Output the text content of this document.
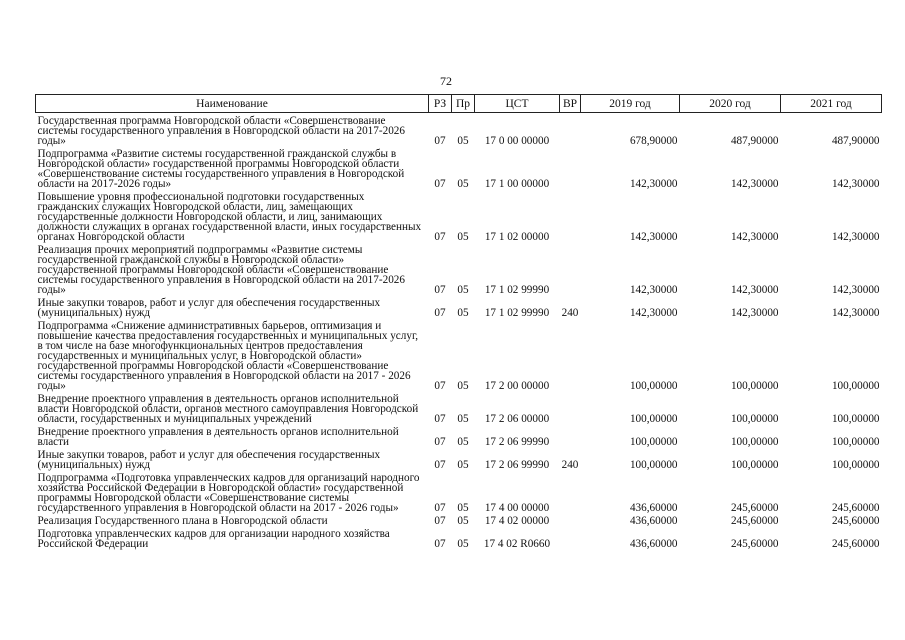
72
Наименование	РЗ	Пр	ЦСТ	ВР	2019 год	2020 год	2021 год
Государственная программа Новгородской области «Совершенствование системы государственного управления в Новгородской области на 2017-2026 годы»	07	05	17 0 00 00000		678,90000	487,90000	487,90000
Подпрограмма «Развитие системы государственной гражданской службы в Новгородской области» государственной программы Новгородской области «Совершенствование системы государственного управления в Новгородской области на 2017-2026 годы»	07	05	17 1 00 00000		142,30000	142,30000	142,30000
Повышение уровня профессиональной подготовки государственных гражданских служащих Новгородской области, лиц, замещающих государственные должности Новгородской области, и лиц, занимающих должности служащих в органах государственной власти, иных государственных органах Новгородской области	07	05	17 1 02 00000		142,30000	142,30000	142,30000
Реализация прочих мероприятий подпрограммы «Развитие системы государственной гражданской службы в Новгородской области» государственной программы Новгородской области «Совершенствование системы государственного управления в Новгородской области на 2017-2026 годы»	07	05	17 1 02 99990		142,30000	142,30000	142,30000
Иные закупки товаров, работ и услуг для обеспечения государственных (муниципальных) нужд	07	05	17 1 02 99990	240	142,30000	142,30000	142,30000
Подпрограмма «Снижение административных барьеров, оптимизация и повышение качества предоставления государственных и муниципальных услуг, в том числе на базе многофункциональных центров предоставления государственных и муниципальных услуг, в Новгородской области» государственной программы Новгородской области «Совершенствование системы государственного управления в Новгородской области на 2017 - 2026 годы»	07	05	17 2 00 00000		100,00000	100,00000	100,00000
Внедрение проектного управления в деятельность органов исполнительной власти Новгородской области, органов местного самоуправления Новгородской области, государственных и муниципальных учреждений	07	05	17 2 06 00000		100,00000	100,00000	100,00000
Внедрение проектного управления в деятельность органов исполнительной власти	07	05	17 2 06 99990		100,00000	100,00000	100,00000
Иные закупки товаров, работ и услуг для обеспечения государственных (муниципальных) нужд	07	05	17 2 06 99990	240	100,00000	100,00000	100,00000
Подпрограмма «Подготовка управленческих кадров для организаций народного хозяйства Российской Федерации в Новгородской области» государственной программы Новгородской области «Совершенствование системы государственного управления в Новгородской области на 2017 - 2026 годы»	07	05	17 4 00 00000		436,60000	245,60000	245,60000
Реализация Государственного плана в Новгородской области	07	05	17 4 02 00000		436,60000	245,60000	245,60000
Подготовка управленческих кадров для организации народного хозяйства Российской Федерации	07	05	17 4 02 R0660		436,60000	245,60000	245,60000
